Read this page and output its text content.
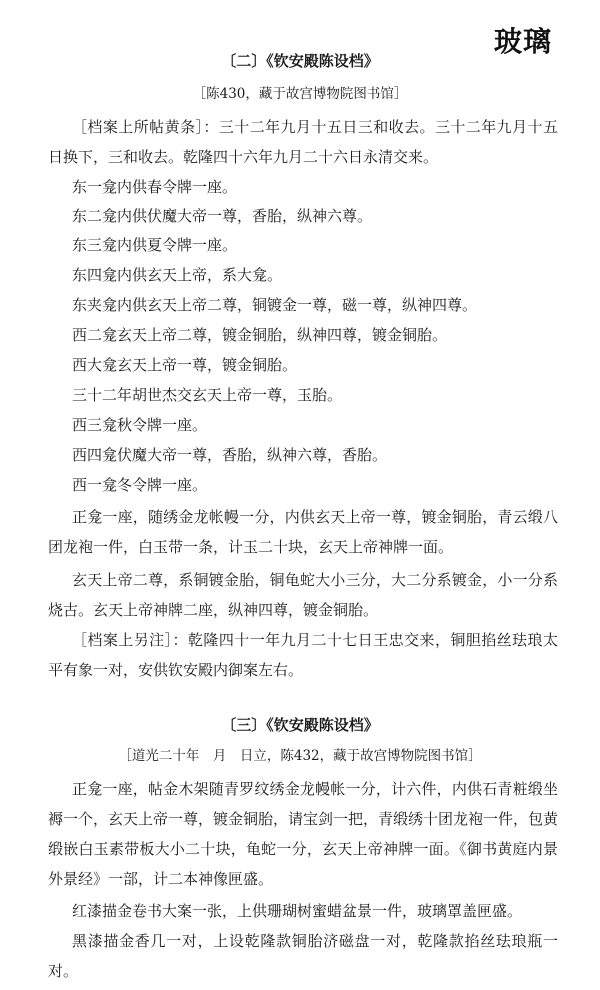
玻璃
〔二〕《钦安殿陈设档》
［陈430，藏于故宫博物院图书馆］
［档案上所帖黄条］：三十二年九月十五日三和收去。三十二年九月十五日换下，三和收去。乾隆四十六年九月二十六日永清交来。
东一龛内供春令牌一座。
东二龛内供伏魔大帝一尊，香胎，纵神六尊。
东三龛内供夏令牌一座。
东四龛内供玄天上帝，系大龛。
东夹龛内供玄天上帝二尊，铜镀金一尊，磁一尊，纵神四尊。
西二龛玄天上帝二尊，镀金铜胎，纵神四尊，镀金铜胎。
西大龛玄天上帝一尊，镀金铜胎。
三十二年胡世杰交玄天上帝一尊，玉胎。
西三龛秋令牌一座。
西四龛伏魔大帝一尊，香胎，纵神六尊，香胎。
西一龛冬令牌一座。
正龛一座，随绣金龙帐幔一分，内供玄天上帝一尊，镀金铜胎，青云缎八团龙袍一件，白玉带一条，计玉二十块，玄天上帝神牌一面。
玄天上帝二尊，系铜镀金胎，铜龟蛇大小三分，大二分系镀金，小一分系烧古。玄天上帝神牌二座，纵神四尊，镀金铜胎。
［档案上另注］：乾隆四十一年九月二十七日王忠交来，铜胆掐丝珐琅太平有象一对，安供钦安殿内御案左右。
〔三〕《钦安殿陈设档》
［道光二十年　月　日立，陈432，藏于故宫博物院图书馆］
正龛一座，帖金木架随青罗纹绣金龙幔帐一分，计六件，内供石青粧缎坐褥一个，玄天上帝一尊，镀金铜胎，请宝剑一把，青缎绣十团龙袍一件，包黄缎嵌白玉素带板大小二十块，龟蛇一分，玄天上帝神牌一面。《御书黄庭内景外景经》一部，计二本神像匣盛。
红漆描金卷书大案一张，上供珊瑚树蜜蜡盆景一件，玻璃罩盖匣盛。
黑漆描金香几一对，上设乾隆款铜胎济磁盘一对，乾隆款掐丝珐琅瓶一对。
